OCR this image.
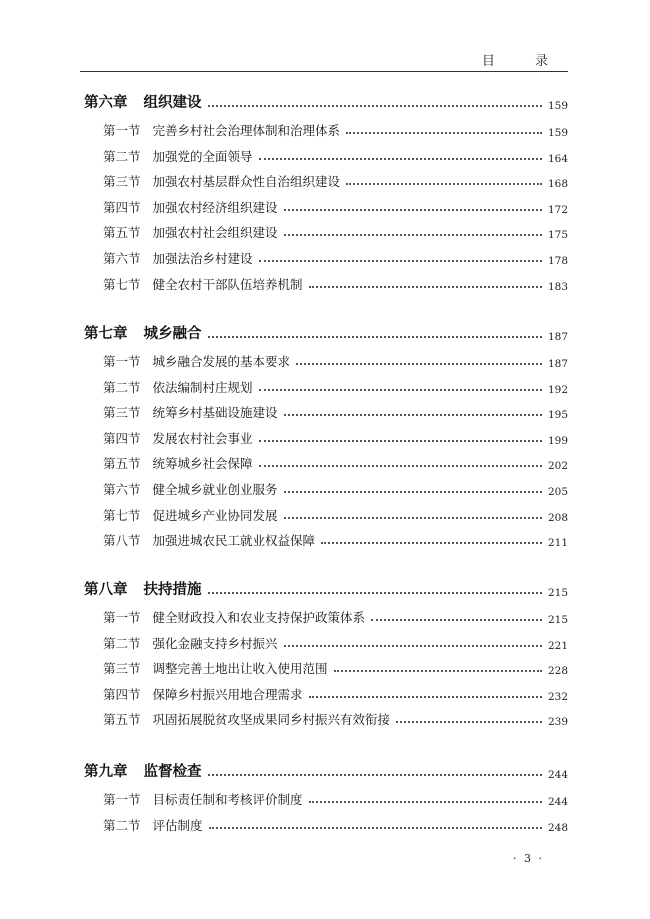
目 录
第六章 组织建设	159
第一节 完善乡村社会治理体制和治理体系	159
第二节 加强党的全面领导	164
第三节 加强农村基层群众性自治组织建设	168
第四节 加强农村经济组织建设	172
第五节 加强农村社会组织建设	175
第六节 加强法治乡村建设	178
第七节 健全农村干部队伍培养机制	183
第七章 城乡融合	187
第一节 城乡融合发展的基本要求	187
第二节 依法编制村庄规划	192
第三节 统筹乡村基础设施建设	195
第四节 发展农村社会事业	199
第五节 统筹城乡社会保障	202
第六节 健全城乡就业创业服务	205
第七节 促进城乡产业协同发展	208
第八节 加强进城农民工就业权益保障	211
第八章 扶持措施	215
第一节 健全财政投入和农业支持保护政策体系	215
第二节 强化金融支持乡村振兴	221
第三节 调整完善土地出让收入使用范围	228
第四节 保障乡村振兴用地合理需求	232
第五节 巩固拓展脱贫攻坚成果同乡村振兴有效衔接	239
第九章 监督检查	244
第一节 目标责任制和考核评价制度	244
第二节 评估制度	248
· 3 ·
